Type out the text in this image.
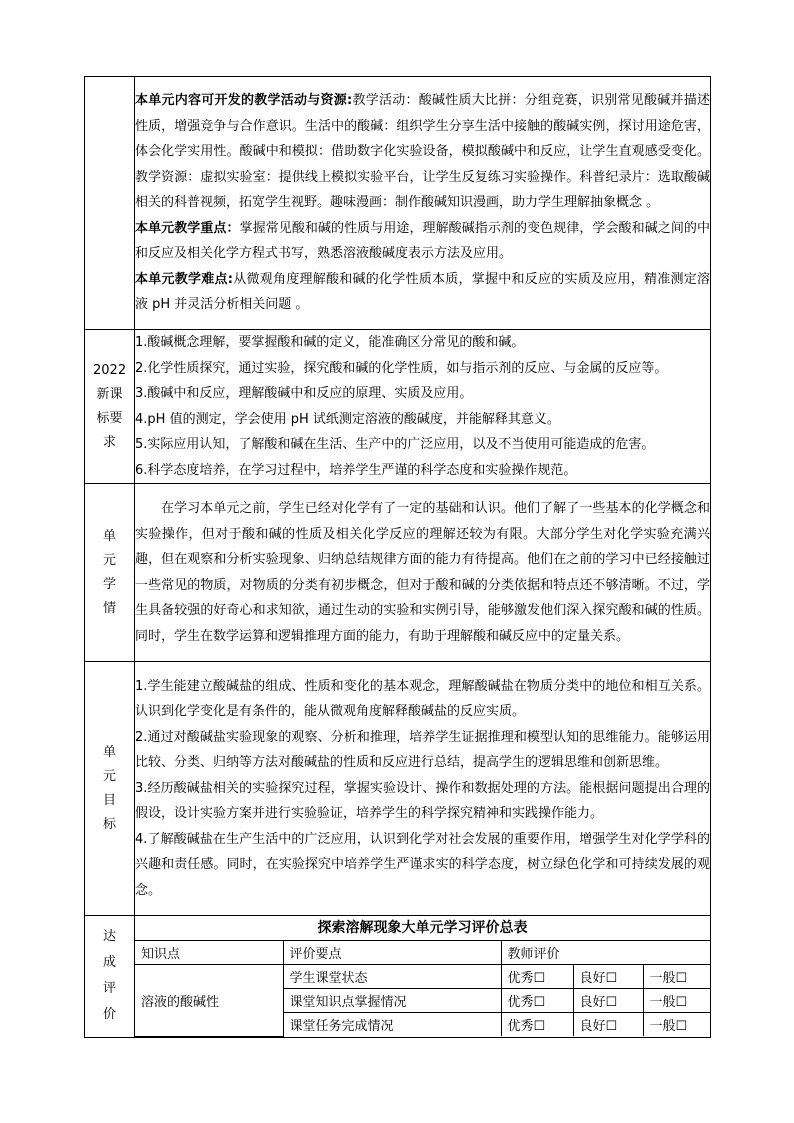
本单元内容可开发的教学活动与资源:教学活动：酸碱性质大比拼：分组竞赛，识别常见酸碱并描述性质，增强竞争与合作意识。生活中的酸碱：组织学生分享生活中接触的酸碱实例，探讨用途危害，体会化学实用性。酸碱中和模拟：借助数字化实验设备，模拟酸碱中和反应，让学生直观感受变化。教学资源：虚拟实验室：提供线上模拟实验平台，让学生反复练习实验操作。科普纪录片：选取酸碱相关的科普视频，拓宽学生视野。趣味漫画：制作酸碱知识漫画，助力学生理解抽象概念 。

本单元教学重点：掌握常见酸和碱的性质与用途，理解酸碱指示剂的变色规律，学会酸和碱之间的中和反应及相关化学方程式书写，熟悉溶液酸碱度表示方法及应用。

本单元教学难点:从微观角度理解酸和碱的化学性质本质，掌握中和反应的实质及应用，精准测定溶液 pH 并灵活分析相关问题 。

2022新课标要求	

1.酸碱概念理解，要掌握酸和碱的定义，能准确区分常见的酸和碱。

2.化学性质探究，通过实验，探究酸和碱的化学性质，如与指示剂的反应、与金属的反应等。

3.酸碱中和反应，理解酸碱中和反应的原理、实质及应用。

4.pH 值的测定，学会使用 pH 试纸测定溶液的酸碱度，并能解释其意义。

5.实际应用认知，了解酸和碱在生活、生产中的广泛应用，以及不当使用可能造成的危害。

6.科学态度培养，在学习过程中，培养学生严谨的科学态度和实验操作规范。

单元学情	

在学习本单元之前，学生已经对化学有了一定的基础和认识。他们了解了一些基本的化学概念和实验操作，但对于酸和碱的性质及相关化学反应的理解还较为有限。大部分学生对化学实验充满兴趣，但在观察和分析实验现象、归纳总结规律方面的能力有待提高。他们在之前的学习中已经接触过一些常见的物质，对物质的分类有初步概念，但对于酸和碱的分类依据和特点还不够清晰。不过，学生具备较强的好奇心和求知欲，通过生动的实验和实例引导，能够激发他们深入探究酸和碱的性质。同时，学生在数学运算和逻辑推理方面的能力，有助于理解酸和碱反应中的定量关系。

单元目标	

1.学生能建立酸碱盐的组成、性质和变化的基本观念，理解酸碱盐在物质分类中的地位和相互关系。认识到化学变化是有条件的，能从微观角度解释酸碱盐的反应实质。

2.通过对酸碱盐实验现象的观察、分析和推理，培养学生证据推理和模型认知的思维能力。能够运用比较、分类、归纳等方法对酸碱盐的性质和反应进行总结，提高学生的逻辑思维和创新思维。

3.经历酸碱盐相关的实验探究过程，掌握实验设计、操作和数据处理的方法。能根据问题提出合理的假设，设计实验方案并进行实验验证，培养学生的科学探究精神和实践操作能力。

4.了解酸碱盐在生产生活中的广泛应用，认识到化学对社会发展的重要作用，增强学生对化学学科的兴趣和责任感。同时，在实验探究中培养学生严谨求实的科学态度，树立绿色化学和可持续发展的观念。

达成评价	
探索溶解现象大单元学习评价总表
知识点	评价要点	教师评价
溶液的酸碱性	学生课堂状态	优秀☐	良好☐	一般☐
课堂知识点掌握情况	优秀☐	良好☐	一般☐
课堂任务完成情况	优秀☐	良好☐	一般☐
